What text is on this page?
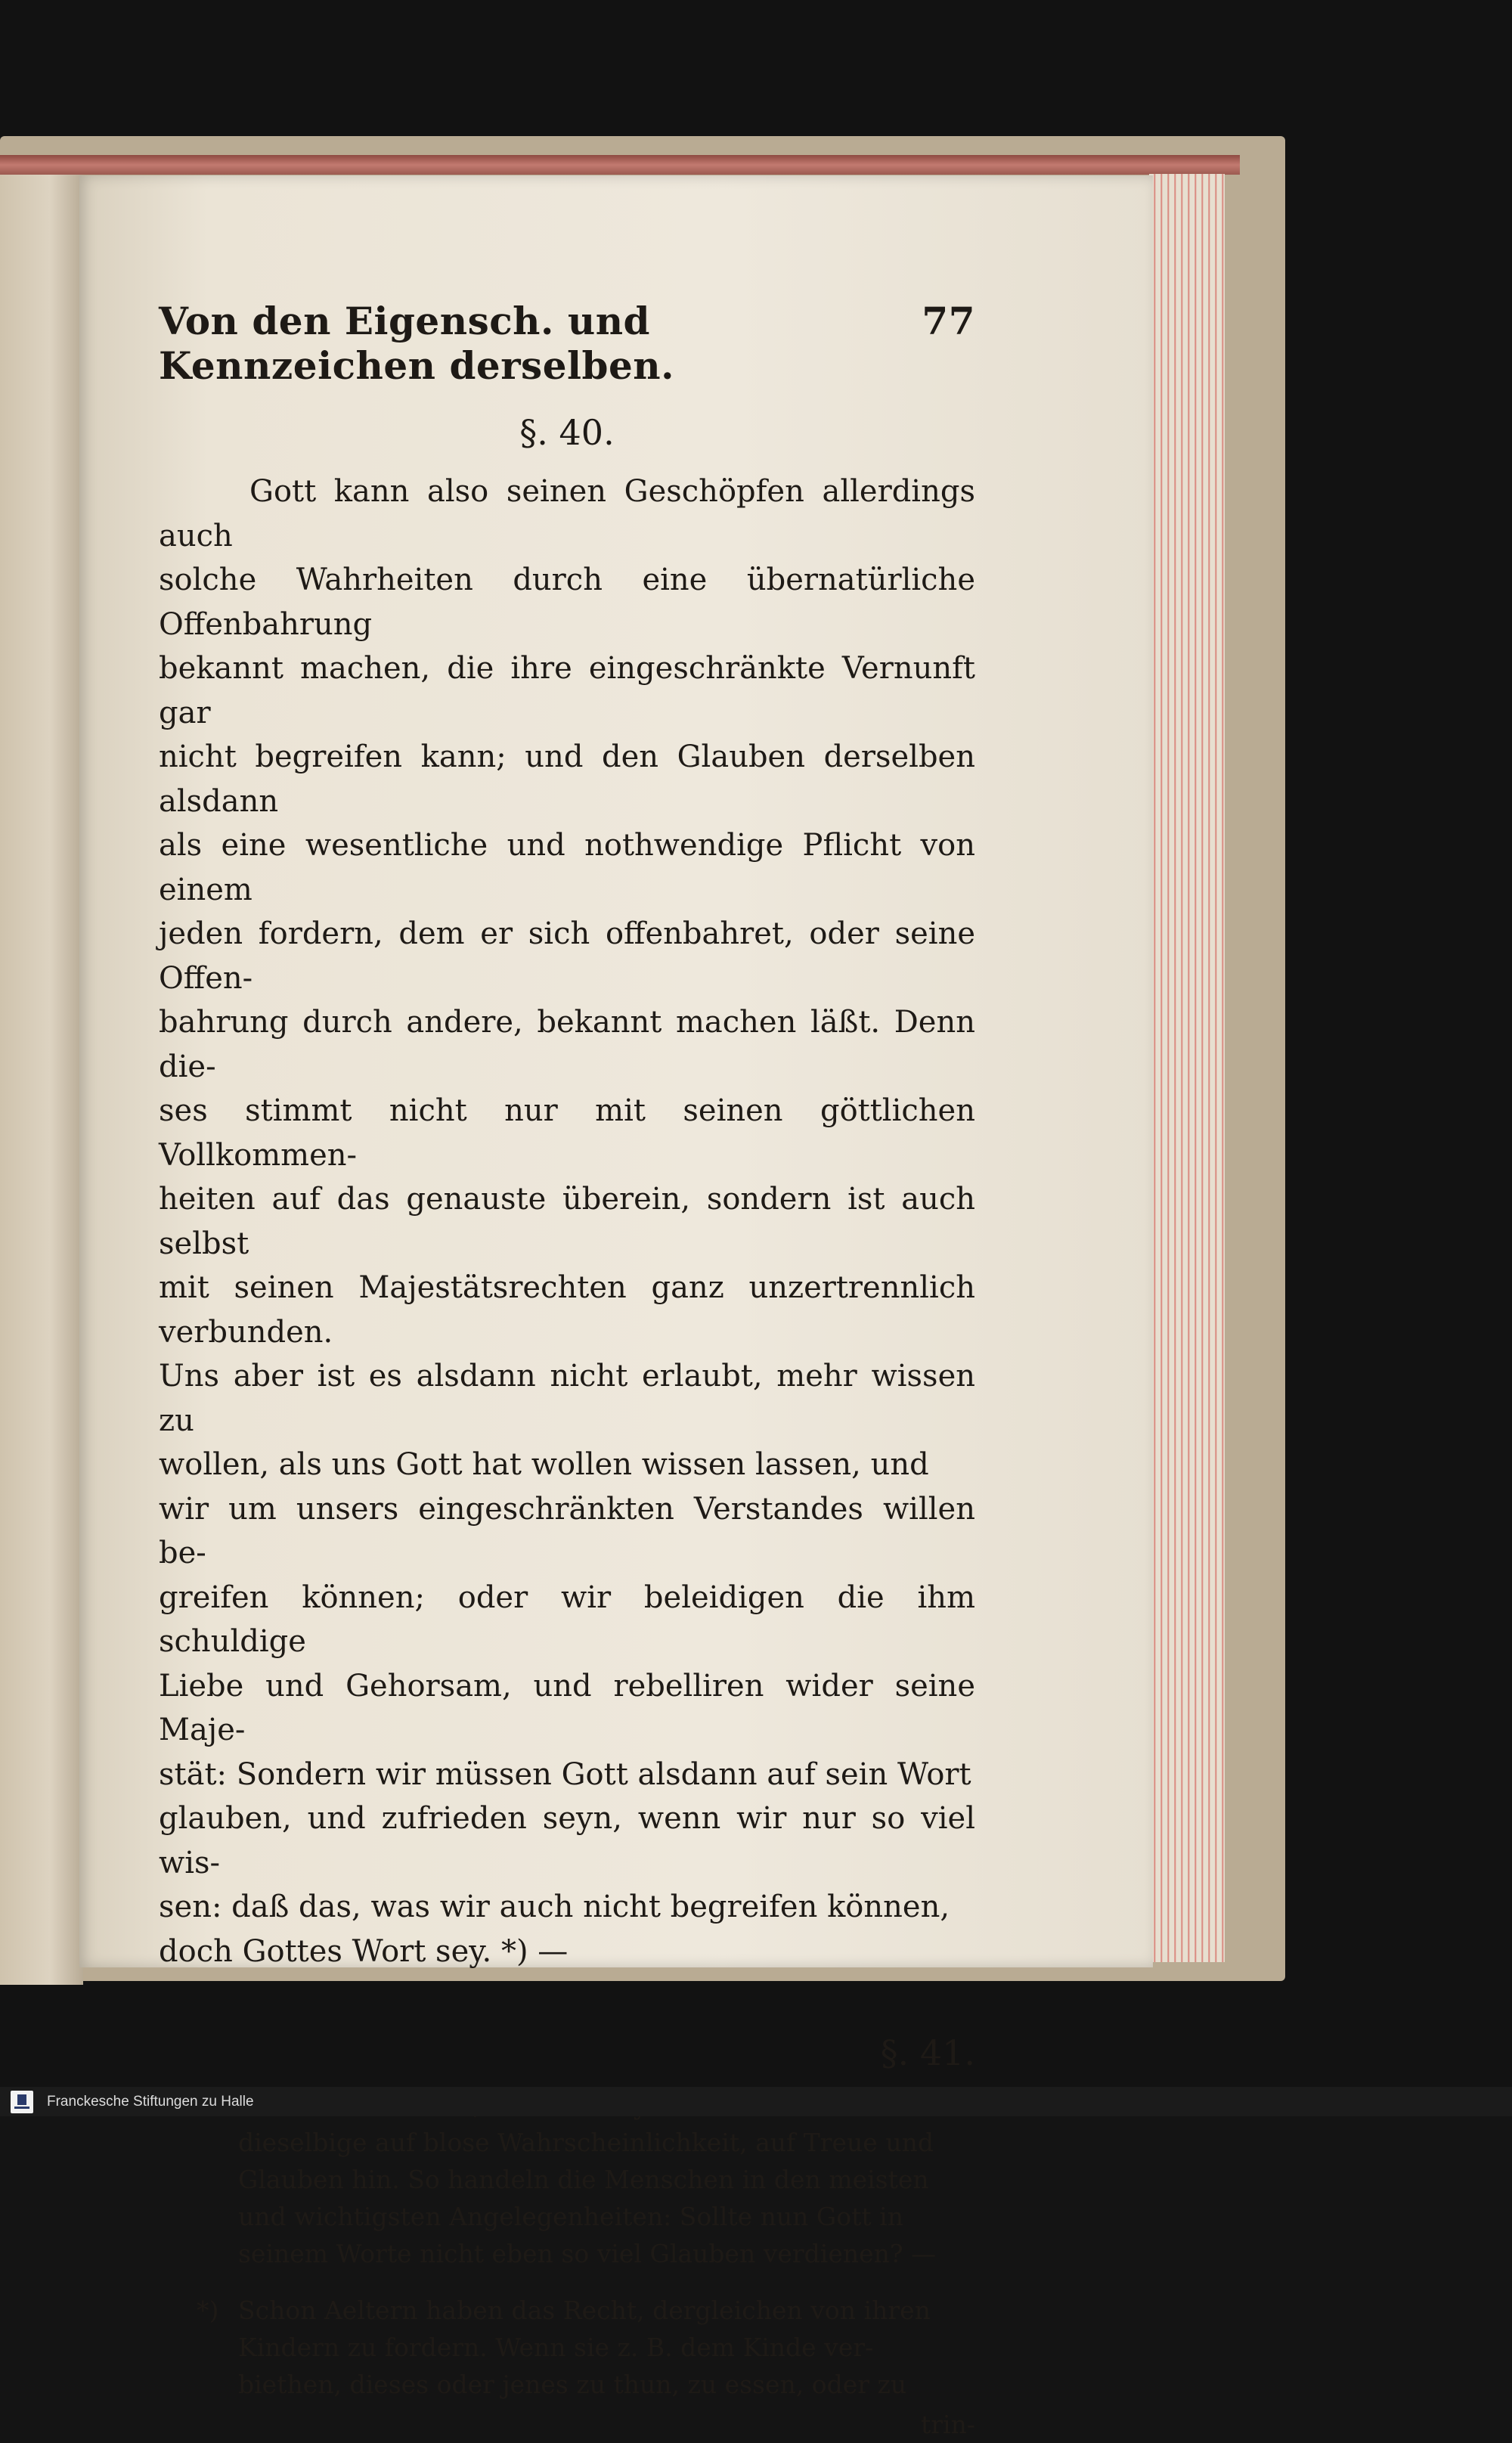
Von den Eigensch. und Kennzeichen derselben.
77
§. 40.

Gott kann also seinen Geschöpfen allerdings auch

solche Wahrheiten durch eine übernatürliche Offenbahrung

bekannt machen, die ihre eingeschränkte Vernunft gar

nicht begreifen kann; und den Glauben derselben alsdann

als eine wesentliche und nothwendige Pflicht von einem

jeden fordern, dem er sich offenbahret, oder seine Offen-

bahrung durch andere, bekannt machen läßt. Denn die-

ses stimmt nicht nur mit seinen göttlichen Vollkommen-

heiten auf das genauste überein, sondern ist auch selbst

mit seinen Majestätsrechten ganz unzertrennlich verbunden.

Uns aber ist es alsdann nicht erlaubt, mehr wissen zu

wollen, als uns Gott hat wollen wissen lassen, und

wir um unsers eingeschränkten Verstandes willen be-

greifen können; oder wir beleidigen die ihm schuldige

Liebe und Gehorsam, und rebelliren wider seine Maje-

stät: Sondern wir müssen Gott alsdann auf sein Wort

glauben, und zufrieden seyn, wenn wir nur so viel wis-

sen: daß das, was wir auch nicht begreifen können,

doch Gottes Wort sey. *) —

§. 41.
dieselbige auf blose Wahrscheinlichkeit, auf Treue und
Glauben hin. So handeln die Menschen in den meisten
und wichtigsten Angelegenheiten: Sollte nun Gott in
seinem Worte nicht eben so viel Glauben verdienen? —
*) Schon Aeltern haben das Recht, dergleichen von ihren
Kindern zu fordern. Wenn sie z. B. dem Kinde ver-
biethen, dieses oder jenes zu thun, zu essen, oder zu
trin-
Franckesche Stiftungen zu Halle
